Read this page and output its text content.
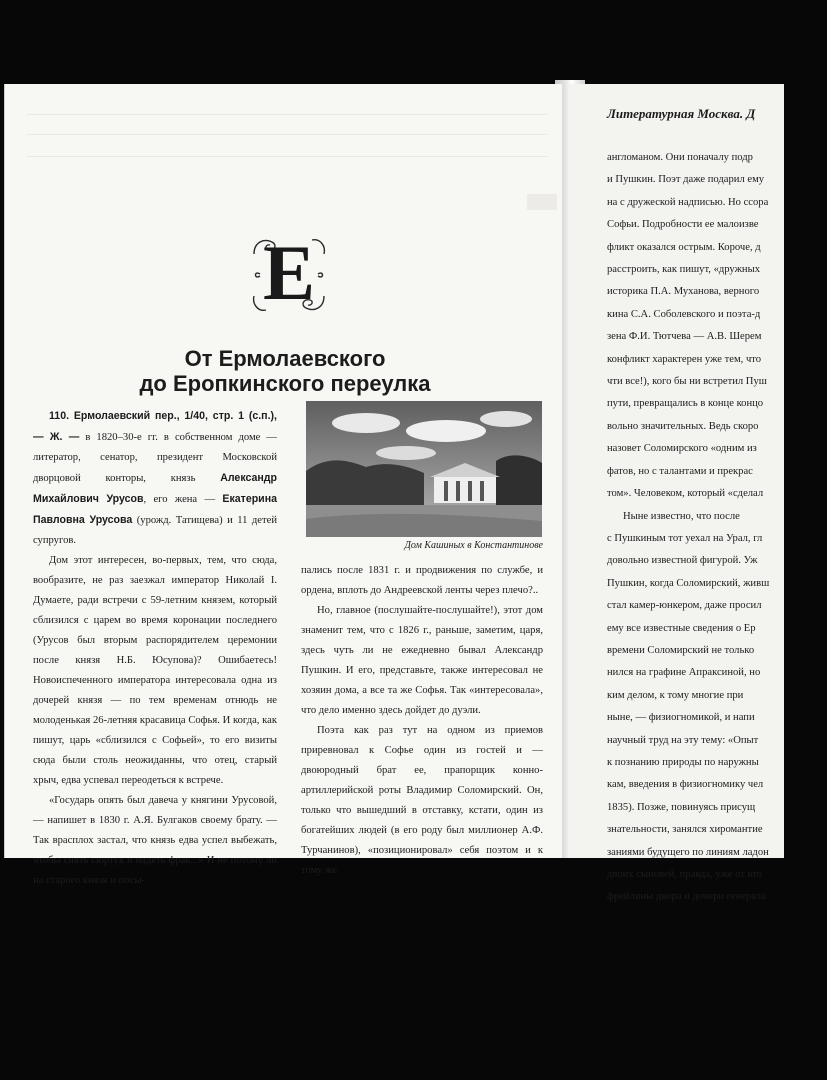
Е
От Ермолаевского
до Еропкинского переулка

110. Ермолаевский пер., 1/40, стр. 1 (с.п.), — Ж. — в 1820–30-е гг. в собственном доме — литератор, сенатор, президент Московской дворцовой конторы, князь Александр Михайлович Урусов, его жена — Екатерина Павловна Урусова (урожд. Татищева) и 11 детей супругов.

Дом этот интересен, во-первых, тем, что сюда, вообразите, не раз заезжал император Николай I. Думаете, ради встречи с 59-летним князем, который сблизился с царем во время коронации последнего (Урусов был вторым распорядителем церемонии после князя Н.Б. Юсупова)? Ошибаетесь! Новоиспеченного императора интересовала одна из дочерей князя — по тем временам отнюдь не молоденькая 26-летняя красавица Софья. И когда, как пишут, царь «сблизился с Софьей», то его визиты сюда были столь неожиданны, что отец, старый хрыч, едва успевал переодеться к встрече.

«Государь опять был давеча у княгини Урусовой, — напишет в 1830 г. А.Я. Булгаков своему брату. — Так врасплох застал, что князь едва успел выбежать, чтобы снять сюртук и надеть фрак...» И не потому ли на старого князя и посы-

Дом Кашиных в Константинове

пались после 1831 г. и продвижения по службе, и ордена, вплоть до Андреевской ленты через плечо?..

Но, главное (послушайте-послушайте!), этот дом знаменит тем, что с 1826 г., раньше, заметим, царя, здесь чуть ли не ежедневно бывал Александр Пушкин. И его, представьте, также интересовал не хозяин дома, а все та же Софья. Так «интересовала», что дело именно здесь дойдет до дуэли.

Поэта как раз тут на одном из приемов приревновал к Софье один из гостей и — двоюродный брат ее, прапорщик конно-артиллерийской роты Владимир Соломирский. Он, только что вышедший в отставку, кстати, один из богатейших людей (в его роду был миллионер А.Ф. Турчанинов), «позиционировал» себя поэтом и к тому же

Литературная Москва. Д
англоманом. Они поначалу подр
и Пушкин. Поэт даже подарил ему
на с дружеской надписью. Но ссора
Софьи. Подробности ее малоизве
фликт оказался острым. Короче, д
расстроить, как пишут, «дружных
историка П.А. Муханова, верного
кина С.А. Соболевского и поэта-д
зена Ф.И. Тютчева — А.В. Шерем
конфликт характерен уже тем, что
чти все!), кого бы ни встретил Пуш
пути, превращались в конце концо
вольно значительных. Ведь скоро
назовет Соломирского «одним из
фатов, но с талантами и прекрас
том». Человеком, который «сделал
Ныне известно, что после
с Пушкиным тот уехал на Урал, гл
довольно известной фигурой. Уж
Пушкин, когда Соломирский, живш
стал камер-юнкером, даже просил
ему все известные сведения о Ер
времени Соломирский не только
нился на графине Апраксиной, но
ким делом, к тому многие при
ныне, — физиогномикой, и напи
научный труд на эту тему: «Опыт
к познанию природы по наружны
кам, введения в физиогномику чел
1835). Позже, повинуясь присущ
знательности, занялся хиромантие
заниями будущего по линиям ладон
двоих сыновей, правда, уже от вто
фрейлины двора и дочери генерала
